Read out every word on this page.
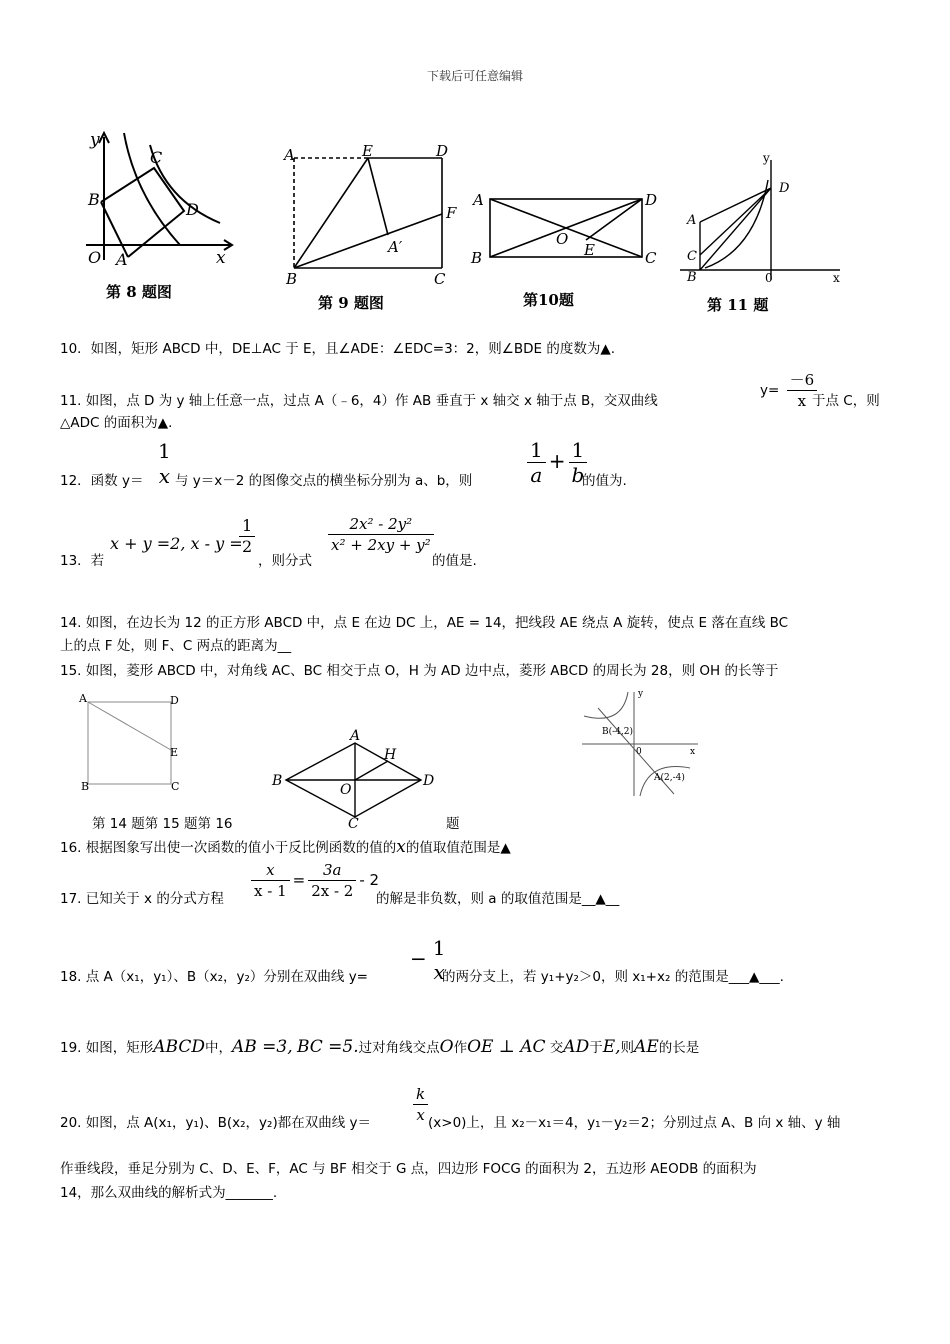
下载后可任意编辑
y
x
O A
B
C
D
第 8 题图
A	E	D
F
A′
B	C
第 9 题图
A	D
B	C
O
E
第10题
y
D
A
C
B	0	x
第 11 题
10．如图，矩形 ABCD 中，DE⊥AC 于 E，且∠ADE：∠EDC=3：2，则∠BDE 的度数为▲.
11. 如图，点 D 为 y 轴上任意一点，过点 A（﹣6，4）作 AB 垂直于 x 轴交 x 轴于点 B，交双曲线
$y= \frac{-6}{x}$
于点 C，则
△ADC 的面积为▲.
12．函数 y＝
1
x 与 y＝x－2 的图像交点的横坐标分别为 a、b，则	$\frac{1}{a} + \frac{1}{b}$
的值为.
13．若
x + y =2, x - y =
$\frac{1}{2}$
，则分式
$\frac{\text{2x² - 2y²}}{\text{x² + 2xy + y²}}$
的值是.
14. 如图，在边长为 12 的正方形 ABCD 中，点 E 在边 DC 上，AE = 14，把线段 AE 绕点 A 旋转，使点 E 落在直线 BC
上的点 F 处，则 F、C 两点的距离为__
15. 如图，菱形 ABCD 中，对角线 AC、BC 相交于点 O，H 为 AD 边中点，菱形 ABCD 的周长为 28，则 OH 的长等于
A	D
E
B	C
A
H
B	D
O
C
y
B(-4,2)
0	x
A(2,-4)
第 14 题第 15 题第 16	题
16. 根据图象写出使一次函数的值小于反比例函数的值的x的值取值范围是▲
17. 已知关于 x 的分式方程 $\frac{x}{x - 1} = \frac{3a}{2x - 2} - 2$
的解是非负数，则 a 的取值范围是__▲__
18. 点 A（x₁，y₁）、B（x₂，y₂）分别在双曲线 y=
− 1
x
的两分支上，若 y₁+y₂＞0，则 x₁+x₂ 的范围是___▲___.
19. 如图，矩形ABCD中，AB =3, BC =5.过对角线交点O作OE ⊥ AC 交AD于E,则AE的长是
20. 如图，点 A(x₁，y₁)、B(x₂，y₂)都在双曲线 y＝	$\frac{k}{x} (x>0)$上，且 x₂－x₁＝4，y₁－y₂＝2；分别过点 A、B 向 x 轴、y 轴
作垂线段，垂足分别为 C、D、E、F，AC 与 BF 相交于 G 点，四边形 FOCG 的面积为 2，五边形 AEODB 的面积为
14，那么双曲线的解析式为_______.
